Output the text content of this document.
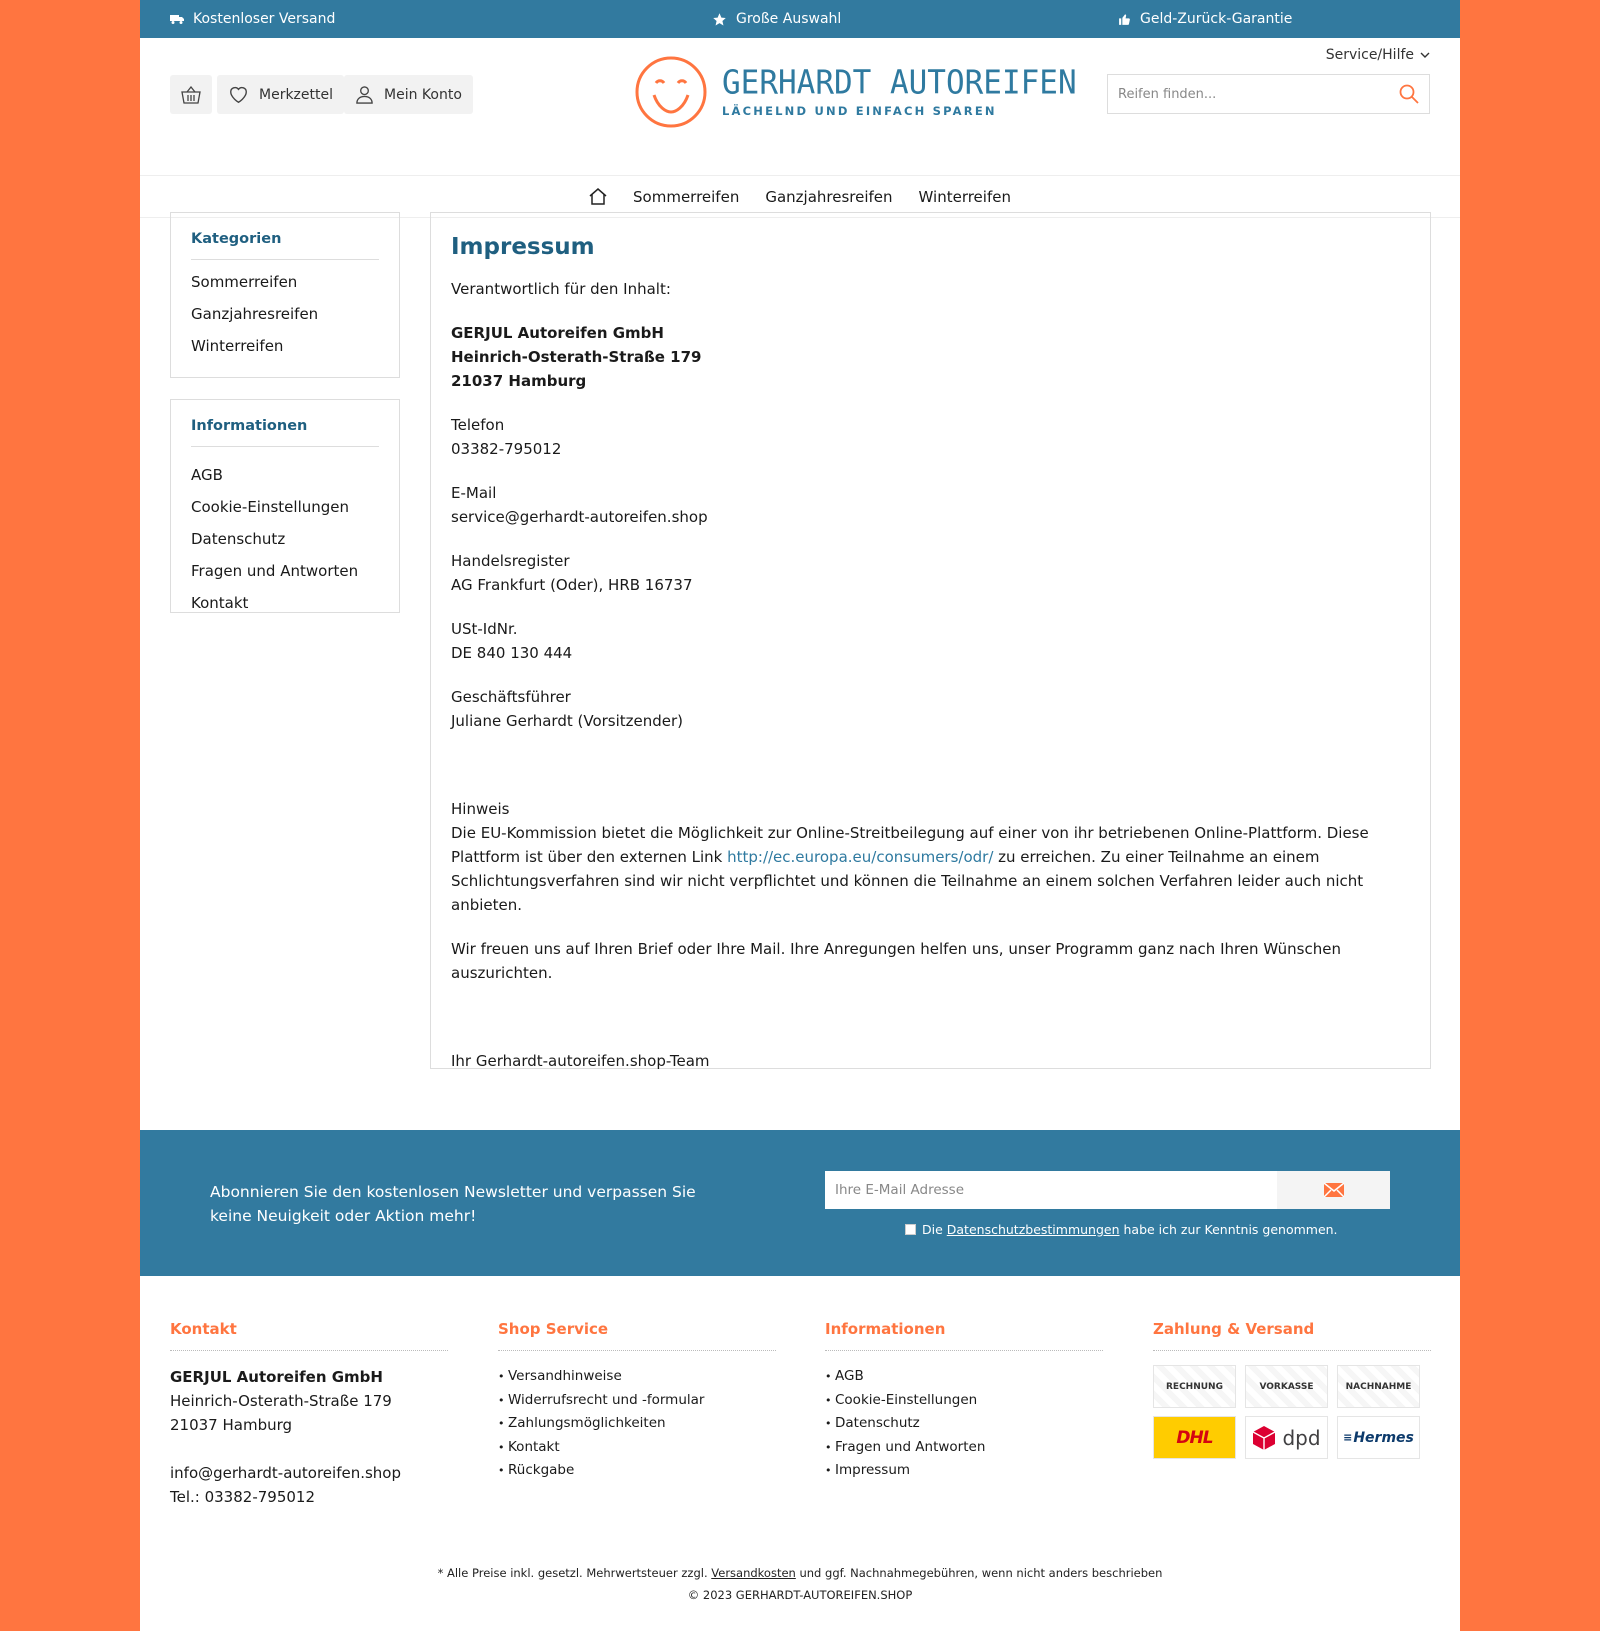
Kostenloser Versand	Große Auswahl	Geld-Zurück-Garantie
Merkzettel	Mein Konto	GERHARDT AUTOREIFEN
LÄCHELND UND EINFACH SPAREN
Service/Hilfe
Reifen finden...
Sommerreifen Ganzjahresreifen Winterreifen
Kategorien
Sommerreifen
Ganzjahresreifen
Winterreifen
Informationen
AGB
Cookie-Einstellungen
Datenschutz
Fragen und Antworten
Kontakt
Impressum

Verantwortlich für den Inhalt:

GERJUL Autoreifen GmbH
Heinrich-Osterath-Straße 179
21037 Hamburg

Telefon
03382-795012

E-Mail
service@gerhardt-autoreifen.shop

Handelsregister
AG Frankfurt (Oder), HRB 16737

USt-IdNr.
DE 840 130 444

Geschäftsführer
Juliane Gerhardt (Vorsitzender)

Hinweis
Die EU-Kommission bietet die Möglichkeit zur Online-Streitbeilegung auf einer von ihr betriebenen Online-Plattform. Diese Plattform ist über den externen Link http://ec.europa.eu/consumers/odr/ zu erreichen. Zu einer Teilnahme an einem Schlichtungsverfahren sind wir nicht verpflichtet und können die Teilnahme an einem solchen Verfahren leider auch nicht anbieten.

Wir freuen uns auf Ihren Brief oder Ihre Mail. Ihre Anregungen helfen uns, unser Programm ganz nach Ihren Wünschen auszurichten.

Ihr Gerhardt-autoreifen.shop-Team

Abonnieren Sie den kostenlosen Newsletter und verpassen Sie keine Neuigkeit oder Aktion mehr!
Ihre E-Mail Adresse
Die Datenschutzbestimmungen habe ich zur Kenntnis genommen.
Kontakt
GERJUL Autoreifen GmbH
Heinrich-Osterath-Straße 179
21037 Hamburg

info@gerhardt-autoreifen.shop
Tel.: 03382-795012
Shop Service
• Versandhinweise
• Widerrufsrecht und -formular
• Zahlungsmöglichkeiten
• Kontakt
• Rückgabe
Informationen
• AGB
• Cookie-Einstellungen
• Datenschutz
• Fragen und Antworten
• Impressum
Zahlung & Versand
RECHNUNG	VORKASSE	NACHNAHME
DHL	dpd ≡ Hermes
* Alle Preise inkl. gesetzl. Mehrwertsteuer zzgl. Versandkosten und ggf. Nachnahmegebühren, wenn nicht anders beschrieben
© 2023 GERHARDT-AUTOREIFEN.SHOP
